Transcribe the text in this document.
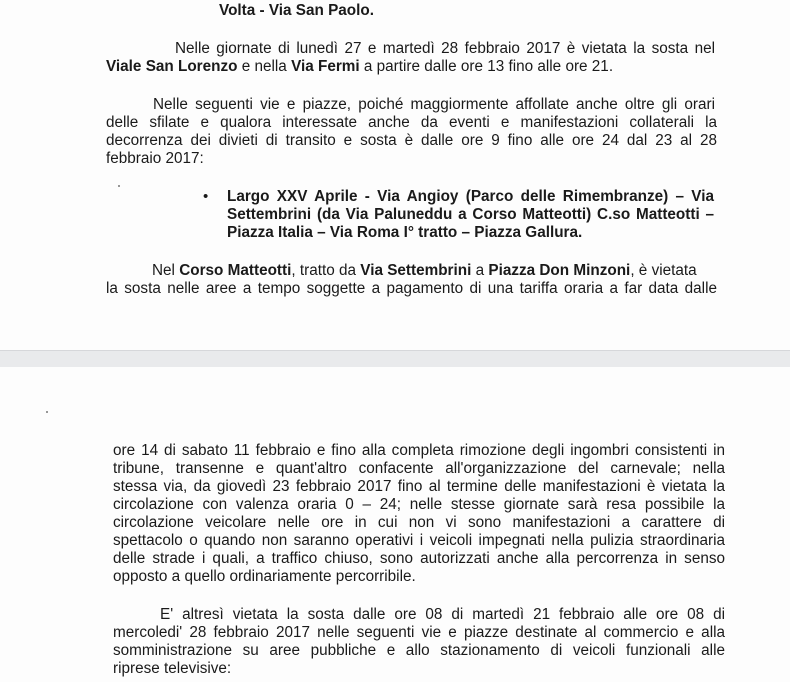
Volta - Via San Paolo.
Nelle giornate di lunedì 27 e martedì 28 febbraio 2017 è vietata la sosta nel
Viale San Lorenzo e nella Via Fermi a partire dalle ore 13 fino alle ore 21.
Nelle seguenti vie e piazze, poiché maggiormente affollate anche oltre gli orari
delle sfilate e qualora interessate anche da eventi e manifestazioni collaterali la
decorrenza dei divieti di transito e sosta è dalle ore 9 fino alle ore 24 dal 23 al 28
febbraio 2017:
• Largo XXV Aprile - Via Angioy (Parco delle Rimembranze) – Via
Settembrini (da Via Paluneddu a Corso Matteotti) C.so Matteotti –
Piazza Italia – Via Roma I° tratto – Piazza Gallura.
Nel Corso Matteotti, tratto da Via Settembrini a Piazza Don Minzoni, è vietata
la sosta nelle aree a tempo soggette a pagamento di una tariffa oraria a far data dalle
ore 14 di sabato 11 febbraio e fino alla completa rimozione degli ingombri consistenti in
tribune, transenne e quant'altro confacente all'organizzazione del carnevale; nella
stessa via, da giovedì 23 febbraio 2017 fino al termine delle manifestazioni è vietata la
circolazione con valenza oraria 0 – 24; nelle stesse giornate sarà resa possibile la
circolazione veicolare nelle ore in cui non vi sono manifestazioni a carattere di
spettacolo o quando non saranno operativi i veicoli impegnati nella pulizia straordinaria
delle strade i quali, a traffico chiuso, sono autorizzati anche alla percorrenza in senso
opposto a quello ordinariamente percorribile.
E' altresì vietata la sosta dalle ore 08 di martedì 21 febbraio alle ore 08 di
mercoledi' 28 febbraio 2017 nelle seguenti vie e piazze destinate al commercio e alla
somministrazione su aree pubbliche e allo stazionamento di veicoli funzionali alle
riprese televisive:
